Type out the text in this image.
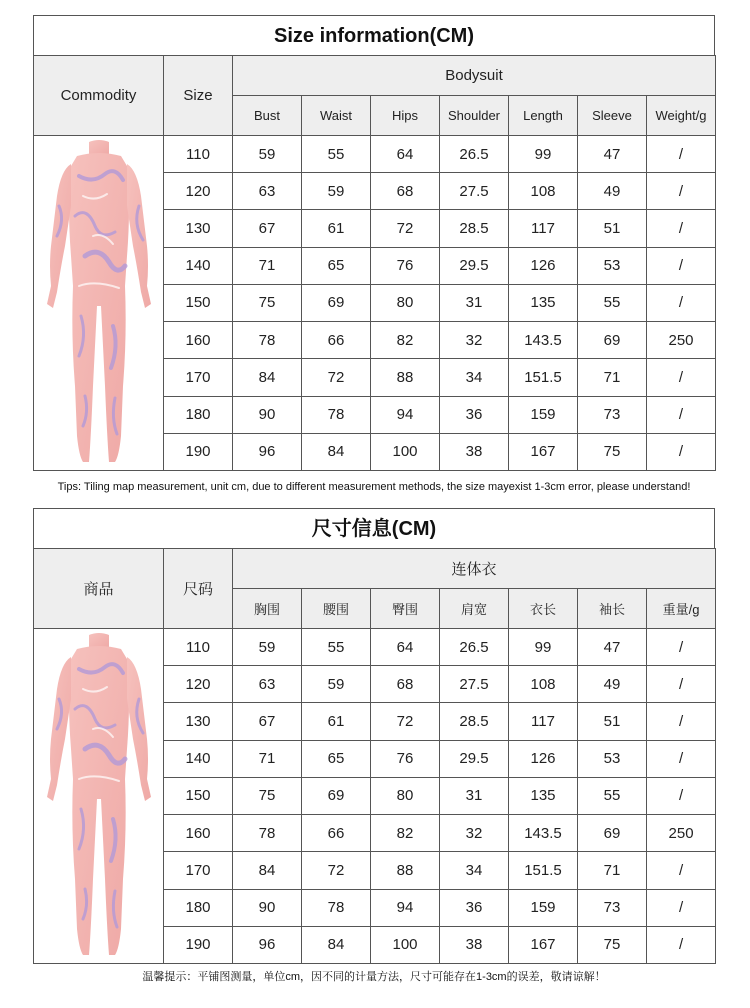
Size information(CM)
Commodity	Size	Bodysuit						
		Bust	Waist	Hips	Shoulder	Length	Sleeve	Weight/g
	110	59	55	64	26.5	99	47	/
	120	63	59	68	27.5	108	49	/
	130	67	61	72	28.5	117	51	/
	140	71	65	76	29.5	126	53	/
	150	75	69	80	31	135	55	/
	160	78	66	82	32	143.5	69	250
	170	84	72	88	34	151.5	71	/
	180	90	78	94	36	159	73	/
	190	96	84	100	38	167	75	/
Tips: Tiling map measurement, unit cm, due to different measurement methods, the size mayexist 1-3cm error, please understand!
尺寸信息(CM)
商品	尺码	连体衣						
		胸围	腰围	臀围	肩宽	衣长	袖长	重量/g
	110	59	55	64	26.5	99	47	/
	120	63	59	68	27.5	108	49	/
	130	67	61	72	28.5	117	51	/
	140	71	65	76	29.5	126	53	/
	150	75	69	80	31	135	55	/
	160	78	66	82	32	143.5	69	250
	170	84	72	88	34	151.5	71	/
	180	90	78	94	36	159	73	/
	190	96	84	100	38	167	75	/
温馨提示：平铺图测量，单位cm，因不同的计量方法，尺寸可能存在1-3cm的误差，敬请谅解！
